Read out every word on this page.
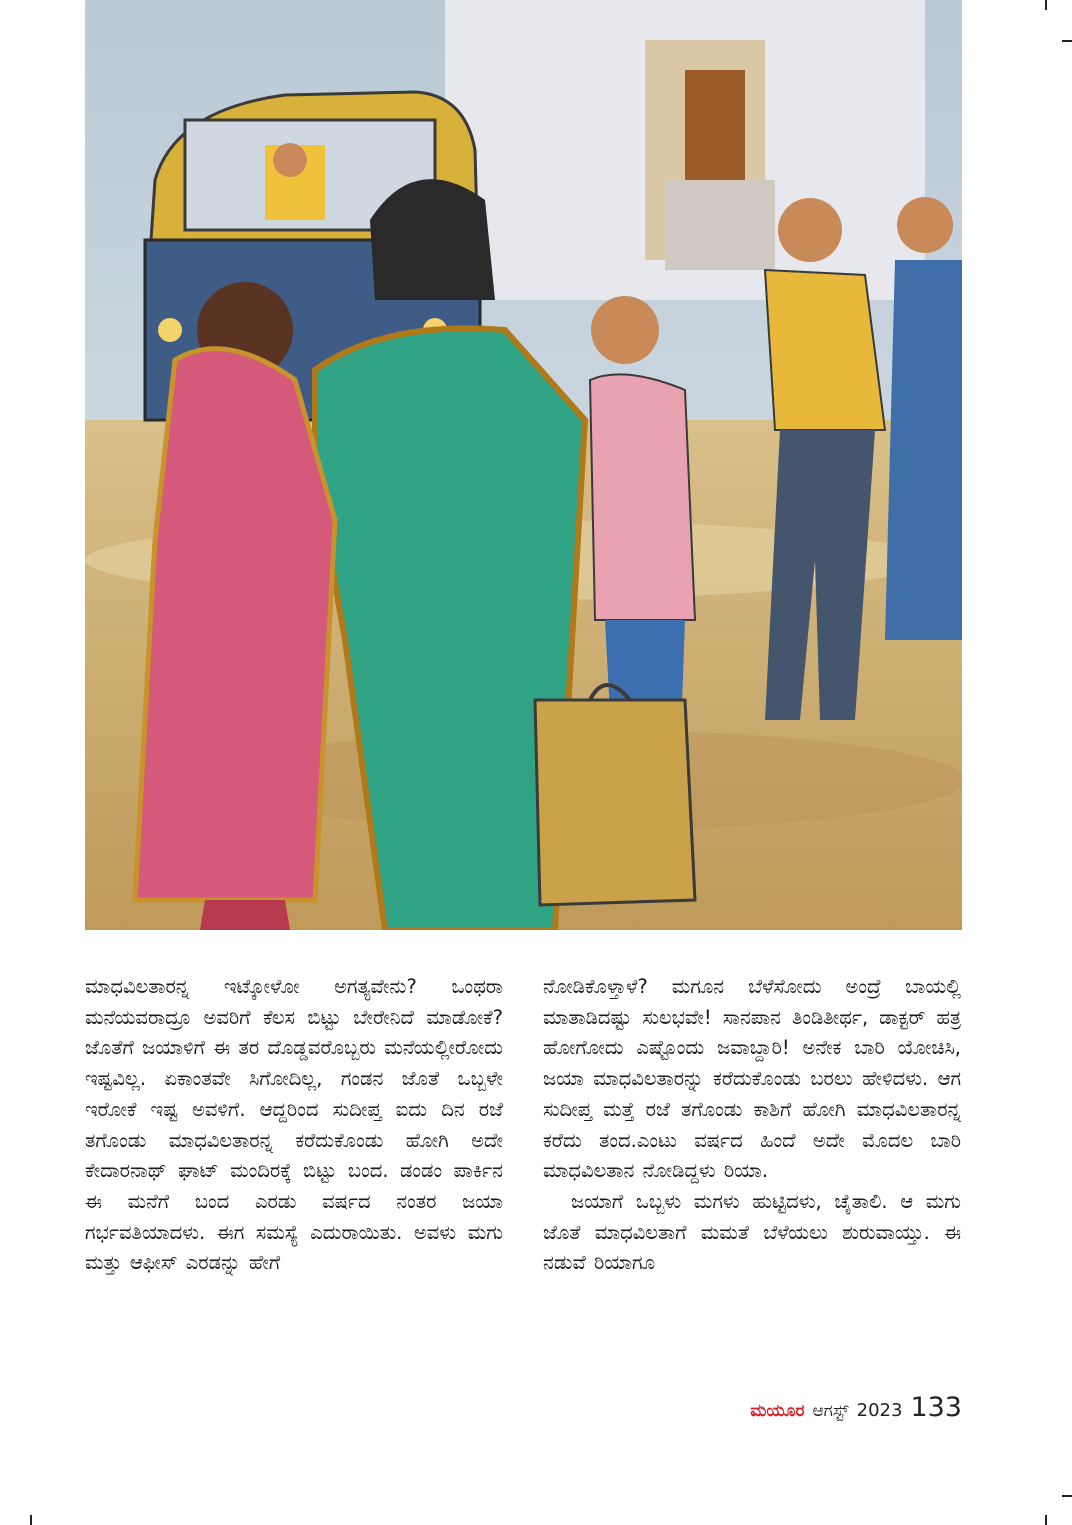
ಮಾಧವಿಲತಾರನ್ನ ಇಟ್ಕೋಳೋ ಅಗತ್ಯವೇನು? ಒಂಥರಾ ಮನೆಯವರಾದ್ರೂ ಅವರಿಗೆ ಕೆಲಸ ಬಿಟ್ಟು ಬೇರೇನಿದೆ ಮಾಡೋಕೆ? ಜೊತೆಗೆ ಜಯಾಳಿಗೆ ಈ ತರ ದೊಡ್ಡವರೊಬ್ಬರು ಮನೆಯಲ್ಲೀರೋದು ಇಷ್ಟವಿಲ್ಲ. ಏಕಾಂತವೇ ಸಿಗೋದಿಲ್ಲ, ಗಂಡನ ಜೊತೆ ಒಬ್ಬಳೇ ಇರೋಕೆ ಇಷ್ಟ ಅವಳಿಗೆ. ಆದ್ದರಿಂದ ಸುದೀಪ್ತ ಐದು ದಿನ ರಜೆ ತಗೊಂಡು ಮಾಧವಿಲತಾರನ್ನ ಕರೆದುಕೊಂಡು ಹೋಗಿ ಅದೇ ಕೇದಾರನಾಥ್ ಘಾಟ್ ಮಂದಿರಕ್ಕೆ ಬಿಟ್ಟು ಬಂದ. ಡಂಡಂ ಪಾರ್ಕಿನ ಈ ಮನೆಗೆ ಬಂದ ಎರಡು ವರ್ಷದ ನಂತರ ಜಯಾ ಗರ್ಭವತಿಯಾದಳು. ಈಗ ಸಮಸ್ಯೆ ಎದುರಾಯಿತು. ಅವಳು ಮಗು ಮತ್ತು ಆಫೀಸ್ ಎರಡನ್ನು ಹೇಗೆ

ನೋಡಿಕೊಳ್ತಾಳೆ? ಮಗೂನ ಬೆಳೆಸೋದು ಅಂದ್ರೆ ಬಾಯಲ್ಲಿ ಮಾತಾಡಿದಷ್ಟು ಸುಲಭವೇ! ಸಾನಪಾನ ತಿಂಡಿತೀರ್ಥ, ಡಾಕ್ಟರ್ ಹತ್ರ ಹೋಗೋದು ಎಷ್ಟೊಂದು ಜವಾಬ್ದಾರಿ! ಅನೇಕ ಬಾರಿ ಯೋಚಿಸಿ, ಜಯಾ ಮಾಧವಿಲತಾರನ್ನು ಕರೆದುಕೊಂಡು ಬರಲು ಹೇಳಿದಳು. ಆಗ ಸುದೀಪ್ತ ಮತ್ತೆ ರಜೆ ತಗೊಂಡು ಕಾಶಿಗೆ ಹೋಗಿ ಮಾಧವಿಲತಾರನ್ನ ಕರೆದು ತಂದ.ಎಂಟು ವರ್ಷದ ಹಿಂದೆ ಅದೇ ಮೊದಲ ಬಾರಿ ಮಾಧವಿಲತಾನ ನೋಡಿದ್ದಳು ರಿಯಾ.

ಜಯಾಗೆ ಒಬ್ಬಳು ಮಗಳು ಹುಟ್ಟಿದಳು, ಚೈತಾಲಿ. ಆ ಮಗು ಜೊತೆ ಮಾಧವಿಲತಾಗೆ ಮಮತೆ ಬೆಳೆಯಲು ಶುರುವಾಯ್ತು. ಈ ನಡುವೆ ರಿಯಾಗೂ

ಮಯೂರ ಆಗಸ್ಟ್ 2023 133
